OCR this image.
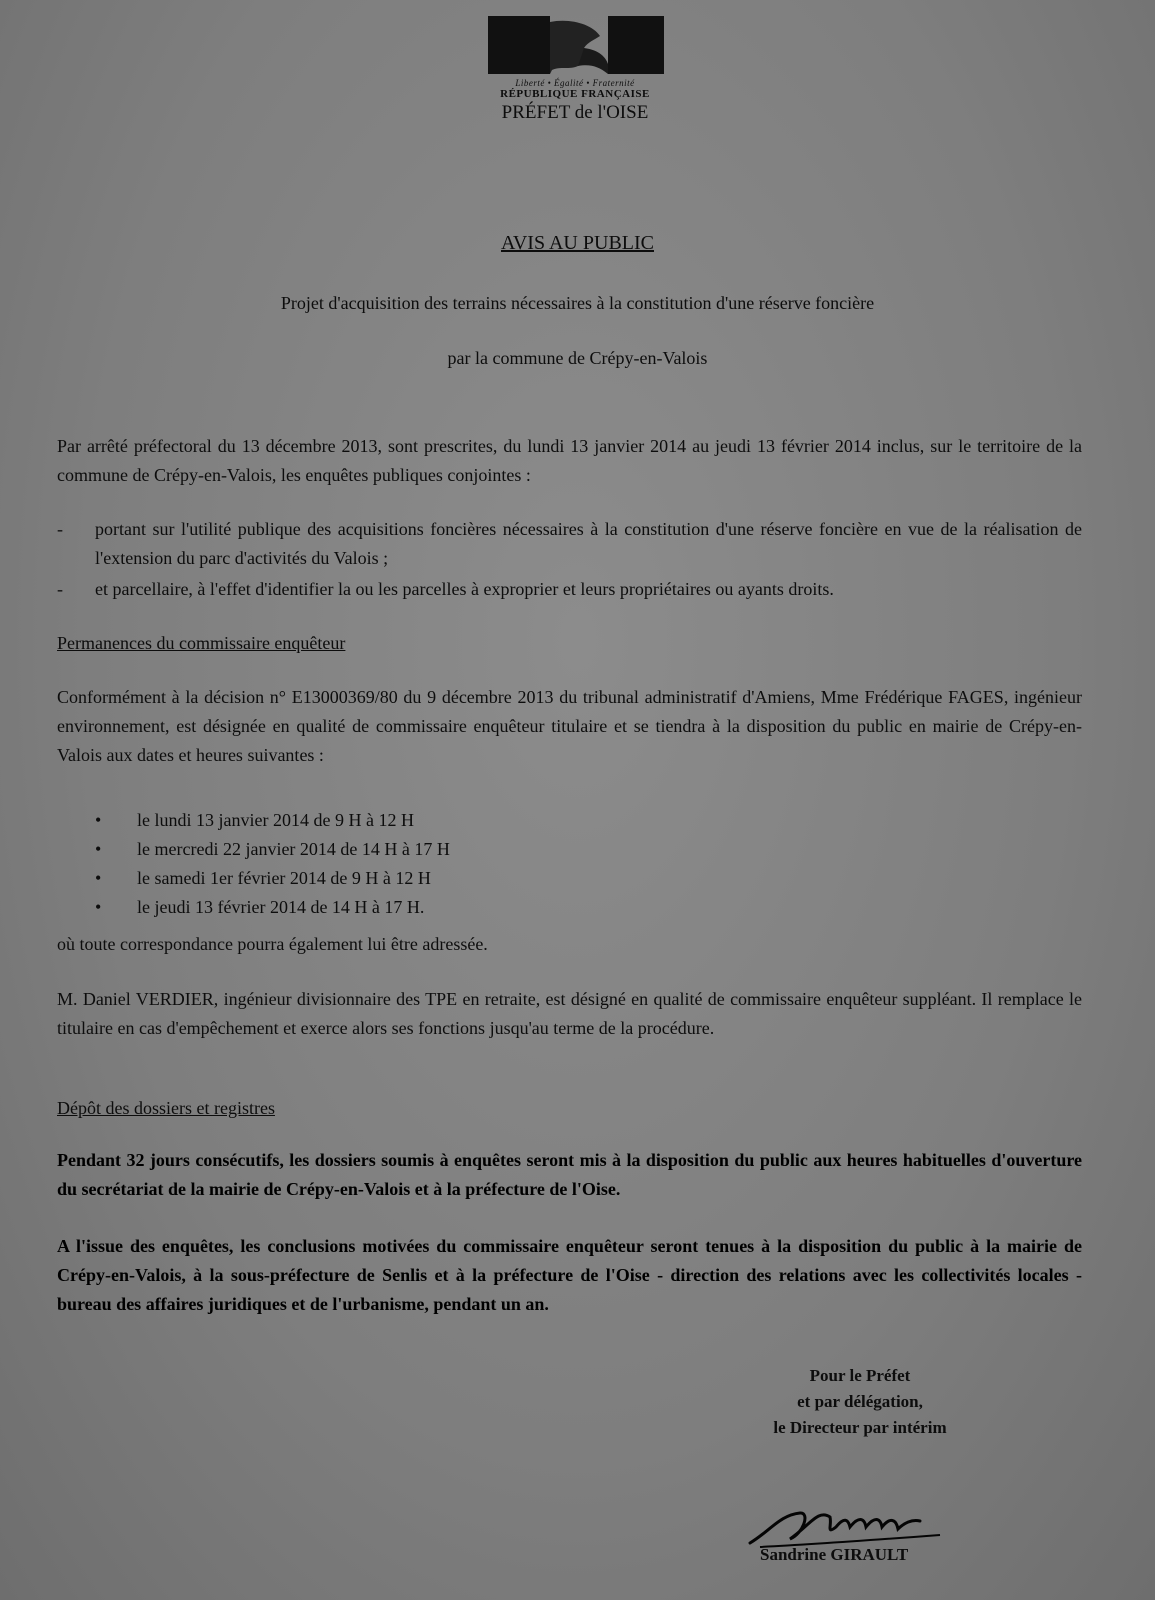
Liberté • Égalité • Fraternité
RÉPUBLIQUE FRANÇAISE
PRÉFET de l'OISE
AVIS AU PUBLIC
Projet d'acquisition des terrains nécessaires à la constitution d'une réserve foncière
par la commune de Crépy-en-Valois
Par arrêté préfectoral du 13 décembre 2013, sont prescrites, du lundi 13 janvier 2014 au jeudi 13 février 2014 inclus, sur le territoire de la commune de Crépy-en-Valois, les enquêtes publiques conjointes :
- portant sur l'utilité publique des acquisitions foncières nécessaires à la constitution d'une réserve foncière en vue de la réalisation de l'extension du parc d'activités du Valois ;
- et parcellaire, à l'effet d'identifier la ou les parcelles à exproprier et leurs propriétaires ou ayants droits.
Permanences du commissaire enquêteur
Conformément à la décision n° E13000369/80 du 9 décembre 2013 du tribunal administratif d'Amiens, Mme Frédérique FAGES, ingénieur environnement, est désignée en qualité de commissaire enquêteur titulaire et se tiendra à la disposition du public en mairie de Crépy-en-Valois aux dates et heures suivantes :
• le lundi 13 janvier 2014 de 9 H à 12 H
• le mercredi 22 janvier 2014 de 14 H à 17 H
• le samedi 1er février 2014 de 9 H à 12 H
• le jeudi 13 février 2014 de 14 H à 17 H.
où toute correspondance pourra également lui être adressée.
M. Daniel VERDIER, ingénieur divisionnaire des TPE en retraite, est désigné en qualité de commissaire enquêteur suppléant. Il remplace le titulaire en cas d'empêchement et exerce alors ses fonctions jusqu'au terme de la procédure.
Dépôt des dossiers et registres
Pendant 32 jours consécutifs, les dossiers soumis à enquêtes seront mis à la disposition du public aux heures habituelles d'ouverture du secrétariat de la mairie de Crépy-en-Valois et à la préfecture de l'Oise.
A l'issue des enquêtes, les conclusions motivées du commissaire enquêteur seront tenues à la disposition du public à la mairie de Crépy-en-Valois, à la sous-préfecture de Senlis et à la préfecture de l'Oise - direction des relations avec les collectivités locales - bureau des affaires juridiques et de l'urbanisme, pendant un an.
Pour le Préfet
et par délégation,
le Directeur par intérim
Sandrine GIRAULT
